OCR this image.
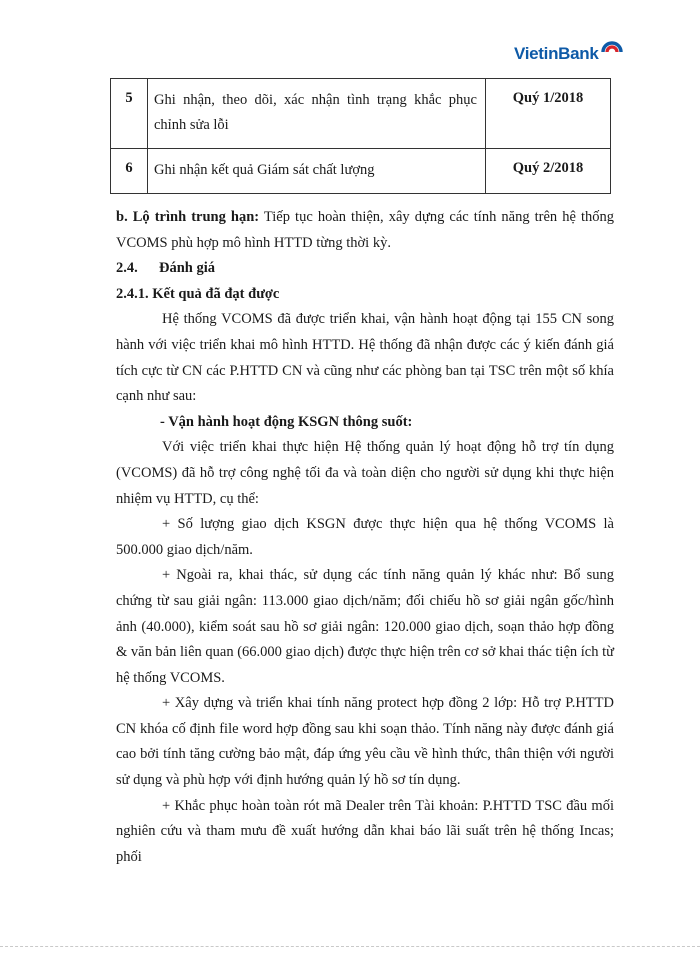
VietinBank
5	Ghi nhận, theo dõi, xác nhận tình trạng khắc phục chỉnh sửa lỗi	Quý 1/2018
6	Ghi nhận kết quả Giám sát chất lượng	Quý 2/2018

b. Lộ trình trung hạn: Tiếp tục hoàn thiện, xây dựng các tính năng trên hệ thống VCOMS phù hợp mô hình HTTD từng thời kỳ.

2.4. Đánh giá

2.4.1. Kết quả đã đạt được

Hệ thống VCOMS đã được triển khai, vận hành hoạt động tại 155 CN song hành với việc triển khai mô hình HTTD. Hệ thống đã nhận được các ý kiến đánh giá tích cực từ CN các P.HTTD CN và cũng như các phòng ban tại TSC trên một số khía cạnh như sau:

- Vận hành hoạt động KSGN thông suốt:

Với việc triển khai thực hiện Hệ thống quản lý hoạt động hỗ trợ tín dụng (VCOMS) đã hỗ trợ công nghệ tối đa và toàn diện cho người sử dụng khi thực hiện nhiệm vụ HTTD, cụ thể:

+ Số lượng giao dịch KSGN được thực hiện qua hệ thống VCOMS là 500.000 giao dịch/năm.

+ Ngoài ra, khai thác, sử dụng các tính năng quản lý khác như: Bổ sung chứng từ sau giải ngân: 113.000 giao dịch/năm; đối chiếu hồ sơ giải ngân gốc/hình ảnh (40.000), kiểm soát sau hồ sơ giải ngân: 120.000 giao dịch, soạn thảo hợp đồng & văn bản liên quan (66.000 giao dịch) được thực hiện trên cơ sở khai thác tiện ích từ hệ thống VCOMS.

+ Xây dựng và triển khai tính năng protect hợp đồng 2 lớp: Hỗ trợ P.HTTD CN khóa cố định file word hợp đồng sau khi soạn thảo. Tính năng này được đánh giá cao bởi tính tăng cường bảo mật, đáp ứng yêu cầu về hình thức, thân thiện với người sử dụng và phù hợp với định hướng quản lý hồ sơ tín dụng.

+ Khắc phục hoàn toàn rót mã Dealer trên Tài khoản: P.HTTD TSC đầu mối nghiên cứu và tham mưu đề xuất hướng dẫn khai báo lãi suất trên hệ thống Incas; phối
